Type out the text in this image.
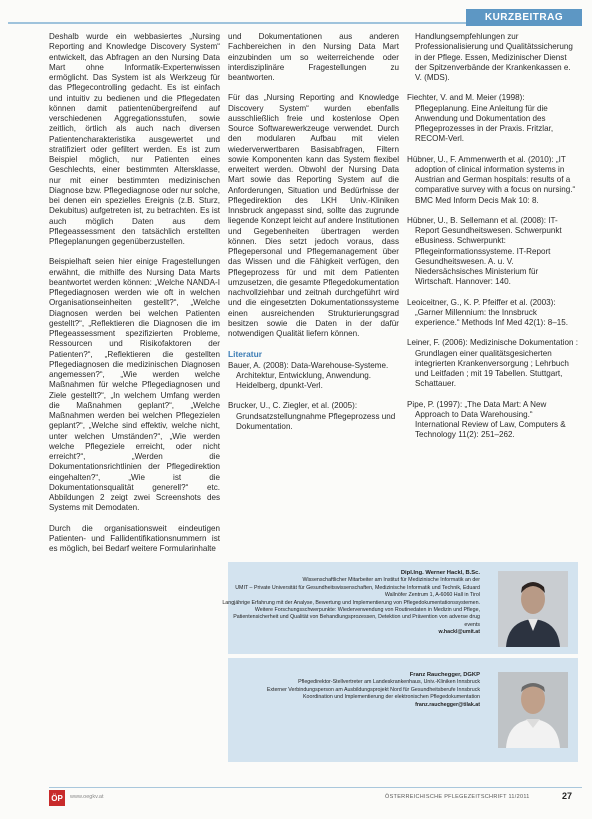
KURZBEITRAG

Deshalb wurde ein webbasiertes „Nursing Reporting and Knowledge Discovery System“ entwickelt, das Abfragen an den Nursing Data Mart ohne Informatik-Expertenwissen ermöglicht. Das System ist als Werkzeug für das Pflegecontrolling gedacht. Es ist einfach und intuitiv zu bedienen und die Pflegedaten können damit patientenübergreifend auf verschiedenen Aggregationsstufen, sowie zeitlich, örtlich als auch nach diversen Patientencharakteristika ausgewertet und stratifiziert oder gefiltert werden. Es ist zum Beispiel möglich, nur Patienten eines Geschlechts, einer bestimmten Altersklasse, nur mit einer bestimmten medizinischen Diagnose bzw. Pflegediagnose oder nur solche, bei denen ein spezielles Ereignis (z.B. Sturz, Dekubitus) aufgetreten ist, zu betrachten. Es ist auch möglich Daten aus dem Pflegeassessment den tatsächlich erstellten Pflegeplanungen gegenüberzustellen.

Beispielhaft seien hier einige Fragestellungen erwähnt, die mithilfe des Nursing Data Marts beantwortet werden können: „Welche NANDA-I Pflegediagnosen werden wie oft in welchen Organisationseinheiten gestellt?“, „Welche Diagnosen werden bei welchen Patienten gestellt?“, „Reflektieren die Diagnosen die im Pflegeassessment spezifizierten Probleme, Ressourcen und Risikofaktoren der Patienten?“, „Reflektieren die gestellten Pflegediagnosen die medizinischen Diagnosen angemessen?“, „Wie werden welche Maßnahmen für welche Pflegediagnosen und Ziele gestellt?“, „In welchem Umfang werden die Maßnahmen geplant?“, „Welche Maßnahmen werden bei welchen Pflegezielen geplant?“, „Welche sind effektiv, welche nicht, unter welchen Umständen?“, „Wie werden welche Pflegeziele erreicht, oder nicht erreicht?“, „Werden die Dokumentationsrichtlinien der Pflegedirektion eingehalten?“, „Wie ist die Dokumentationsqualität generell?“ etc. Abbildungen 2 zeigt zwei Screenshots des Systems mit Demodaten.

Durch die organisationsweit eindeutigen Patienten- und Fallidentifikationsnummern ist es möglich, bei Bedarf weitere Formularinhalte

und Dokumentationen aus anderen Fachbereichen in den Nursing Data Mart einzubinden um so weiterreichende oder interdisziplinäre Fragestellungen zu beantworten.

Für das „Nursing Reporting and Knowledge Discovery System“ wurden ebenfalls ausschließlich freie und kostenlose Open Source Softwarewerkzeuge verwendet. Durch den modularen Aufbau mit vielen wiederverwertbaren Basisabfragen, Filtern sowie Komponenten kann das System flexibel erweitert werden. Obwohl der Nursing Data Mart sowie das Reporting System auf die Anforderungen, Situation und Bedürfnisse der Pflegedirektion des LKH Univ.-Kliniken Innsbruck angepasst sind, sollte das zugrunde liegende Konzept leicht auf andere Institutionen und Gegebenheiten übertragen werden können. Dies setzt jedoch voraus, dass Pflegepersonal und Pflegemanagement über das Wissen und die Fähigkeit verfügen, den Pflegeprozess für und mit dem Patienten umzusetzen, die gesamte Pflegedokumentation nachvollziehbar und zeitnah durchgeführt wird und die eingesetzten Dokumentationssysteme einen ausreichenden Strukturierungsgrad besitzen sowie die Daten in der dafür notwendigen Qualität liefern können.

Literatur

Bauer, A. (2008): Data-Warehouse-Systeme. Architektur, Entwicklung, Anwendung. Heidelberg, dpunkt-Verl.

Brucker, U., C. Ziegler, et al. (2005): Grundsatzstellungnahme Pflegeprozess und Dokumentation.

Handlungsempfehlungen zur Professionalisierung und Qualitätssicherung in der Pflege. Essen, Medizinischer Dienst der Spitzenverbände der Krankenkassen e. V. (MDS).

Fiechter, V. and M. Meier (1998): Pflegeplanung. Eine Anleitung für die Anwendung und Dokumentation des Pflegeprozesses in der Praxis. Fritzlar, RECOM-Verl.

Hübner, U., F. Ammenwerth et al. (2010): „IT adoption of clinical information systems in Austrian and German hospitals: results of a comparative survey with a focus on nursing.“ BMC Med Inform Decis Mak 10: 8.

Hübner, U., B. Sellemann et al. (2008): IT-Report Gesundheitswesen. Schwerpunkt eBusiness. Schwerpunkt: Pflegeinformationssysteme. IT-Report Gesundheitswesen. A. u. V. Niedersächsisches Ministerium für Wirtschaft. Hannover: 140.

Leoiceitner, G., K. P. Pfeiffer et al. (2003): „Garner Millennium: the Innsbruck experience.“ Methods Inf Med 42(1): 8–15.

Leiner, F. (2006): Medizinische Dokumentation : Grundlagen einer qualitätsgesicherten integrierten Krankenversorgung ; Lehrbuch und Leitfaden ; mit 19 Tabellen. Stuttgart, Schattauer.

Pipe, P. (1997): „The Data Mart: A New Approach to Data Warehousing.“ International Review of Law, Computers & Technology 11(2): 251–262.

Dipl.Ing. Werner Hackl, B.Sc.
Wissenschaftlicher Mitarbeiter am Institut für Medizinische Informatik an der
UMIT – Private Universität für Gesundheitswissenschaften, Medizinische Informatik und Technik, Eduard Wallnöfer Zentrum 1, A-6060 Hall in Tirol
Langjährige Erfahrung mit der Analyse, Bewertung und Implementierung von Pflegedokumentationssystemen.
Weitere Forschungsschwerpunkte: Wiederverwendung von Routinedaten in Medizin und Pflege, Patientensicherheit und Qualität von Behandlungsprozessen, Detektion und Prävention von adverse drug events
w.hackl@umit.at
Franz Rauchegger, DGKP
Pflegedirektor-Stellvertreter am Landeskrankenhaus, Univ.-Kliniken Innsbruck
Externer Verbindungsperson am Ausbildungsprojekt Nord für Gesundheitsberufe Innsbruck
Koordination und Implementierung der elektronischen Pflegedokumentation
franz.rauchegger@tilak.at
ÖP	www.oegkv.at	ÖSTERREICHISCHE PFLEGEZEITSCHRIFT 11/2011	27
